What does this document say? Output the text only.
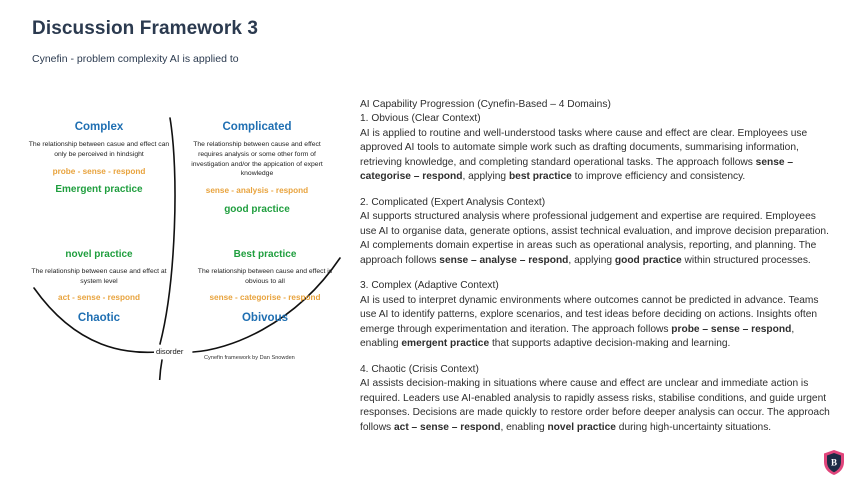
Discussion Framework 3

Cynefin - problem complexity AI is applied to

Complex
The relationship between casue and effect can only be perceived in hindsight
probe - sense - respond
Emergent practice
Complicated
The relationship between cause and effect requires analysis or some other form of investigation and/or the appication of expert knowledge
sense - analysis - respond
good practice
novel practice
The relationship between cause and effect at system level
act - sense - respond
Chaotic
Best practice
The relationship between cause and effect is obvious to all
sense - categorise - respond
Obivous
disorder
Cynefin framework by Dan Snowden
AI Capability Progression (Cynefin-Based – 4 Domains)
1. Obvious (Clear Context)

AI is applied to routine and well-understood tasks where cause and effect are clear. Employees use approved AI tools to automate simple work such as drafting documents, summarising information, retrieving knowledge, and completing standard operational tasks. The approach follows sense – categorise – respond, applying best practice to improve efficiency and consistency.

2. Complicated (Expert Analysis Context)

AI supports structured analysis where professional judgement and expertise are required. Employees use AI to organise data, generate options, assist technical evaluation, and improve decision preparation. AI complements domain expertise in areas such as operational analysis, reporting, and planning. The approach follows sense – analyse – respond, applying good practice within structured processes.

3. Complex (Adaptive Context)

AI is used to interpret dynamic environments where outcomes cannot be predicted in advance. Teams use AI to identify patterns, explore scenarios, and test ideas before deciding on actions. Insights often emerge through experimentation and iteration. The approach follows probe – sense – respond, enabling emergent practice that supports adaptive decision-making and learning.

4. Chaotic (Crisis Context)

AI assists decision-making in situations where cause and effect are unclear and immediate action is required. Leaders use AI-enabled analysis to rapidly assess risks, stabilise conditions, and guide urgent responses. Decisions are made quickly to restore order before deeper analysis can occur. The approach follows act – sense – respond, enabling novel practice during high-uncertainty situations.

B
